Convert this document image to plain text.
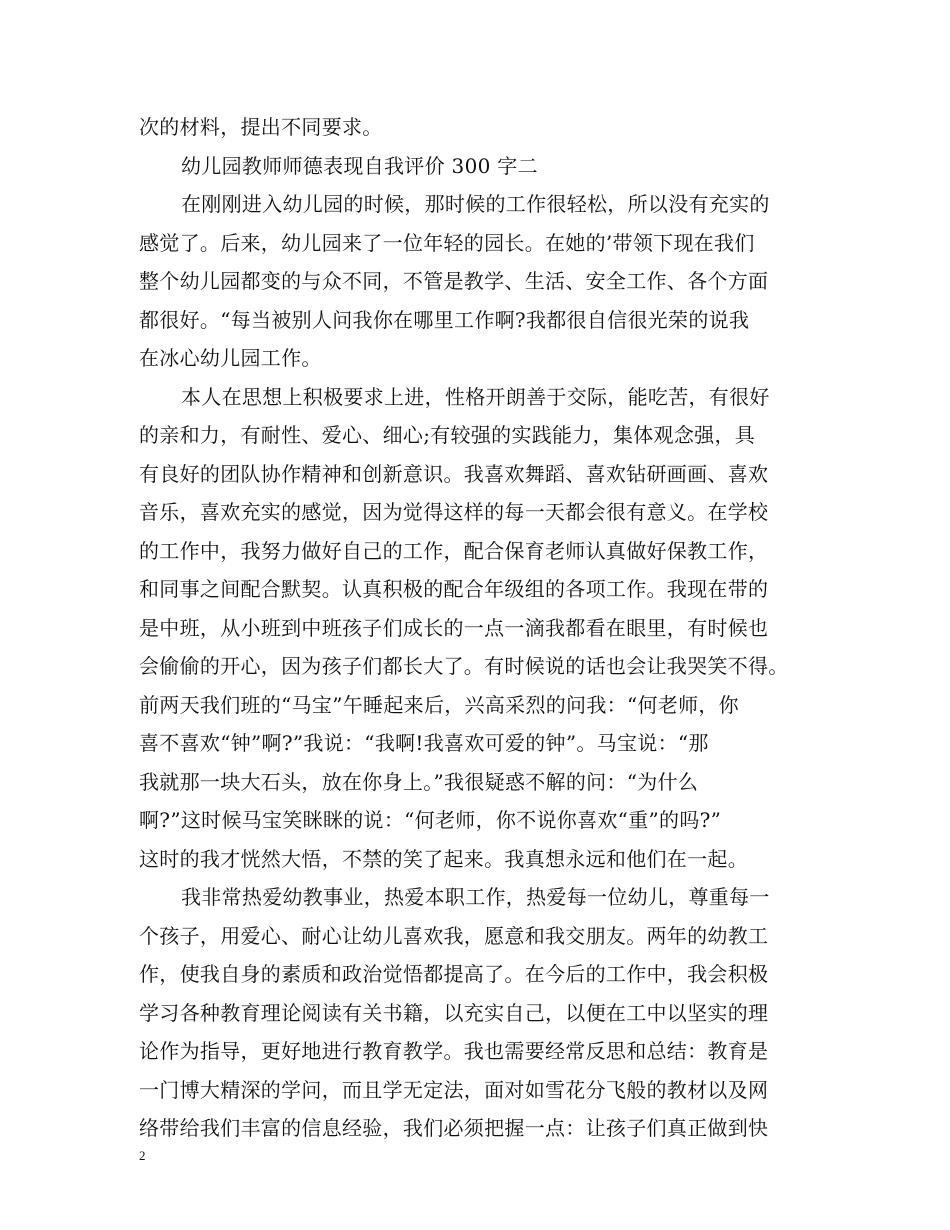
次的材料，提出不同要求。
幼儿园教师师德表现自我评价 300 字二
在刚刚进入幼儿园的时候，那时候的工作很轻松，所以没有充实的
感觉了。后来，幼儿园来了一位年轻的园长。在她的’带领下现在我们
整个幼儿园都变的与众不同，不管是教学、生活、安全工作、各个方面
都很好。“每当被别人问我你在哪里工作啊?我都很自信很光荣的说我
在冰心幼儿园工作。
本人在思想上积极要求上进，性格开朗善于交际，能吃苦，有很好
的亲和力，有耐性、爱心、细心;有较强的实践能力，集体观念强，具
有良好的团队协作精神和创新意识。我喜欢舞蹈、喜欢钻研画画、喜欢
音乐，喜欢充实的感觉，因为觉得这样的每一天都会很有意义。在学校
的工作中，我努力做好自己的工作，配合保育老师认真做好保教工作，
和同事之间配合默契。认真积极的配合年级组的各项工作。我现在带的
是中班，从小班到中班孩子们成长的一点一滴我都看在眼里，有时候也
会偷偷的开心，因为孩子们都长大了。有时候说的话也会让我哭笑不得。
前两天我们班的“马宝”午睡起来后，兴高采烈的问我：“何老师，你
喜不喜欢“钟”啊?”我说：“我啊!我喜欢可爱的钟”。马宝说：“那
我就那一块大石头，放在你身上。”我很疑惑不解的问：“为什么
啊?”这时候马宝笑眯眯的说：“何老师，你不说你喜欢“重”的吗?”
这时的我才恍然大悟，不禁的笑了起来。我真想永远和他们在一起。
我非常热爱幼教事业，热爱本职工作，热爱每一位幼儿，尊重每一
个孩子，用爱心、耐心让幼儿喜欢我，愿意和我交朋友。两年的幼教工
作，使我自身的素质和政治觉悟都提高了。在今后的工作中，我会积极
学习各种教育理论阅读有关书籍，以充实自己，以便在工中以坚实的理
论作为指导，更好地进行教育教学。我也需要经常反思和总结：教育是
一门博大精深的学问，而且学无定法，面对如雪花分飞般的教材以及网
络带给我们丰富的信息经验，我们必须把握一点：让孩子们真正做到快
2
